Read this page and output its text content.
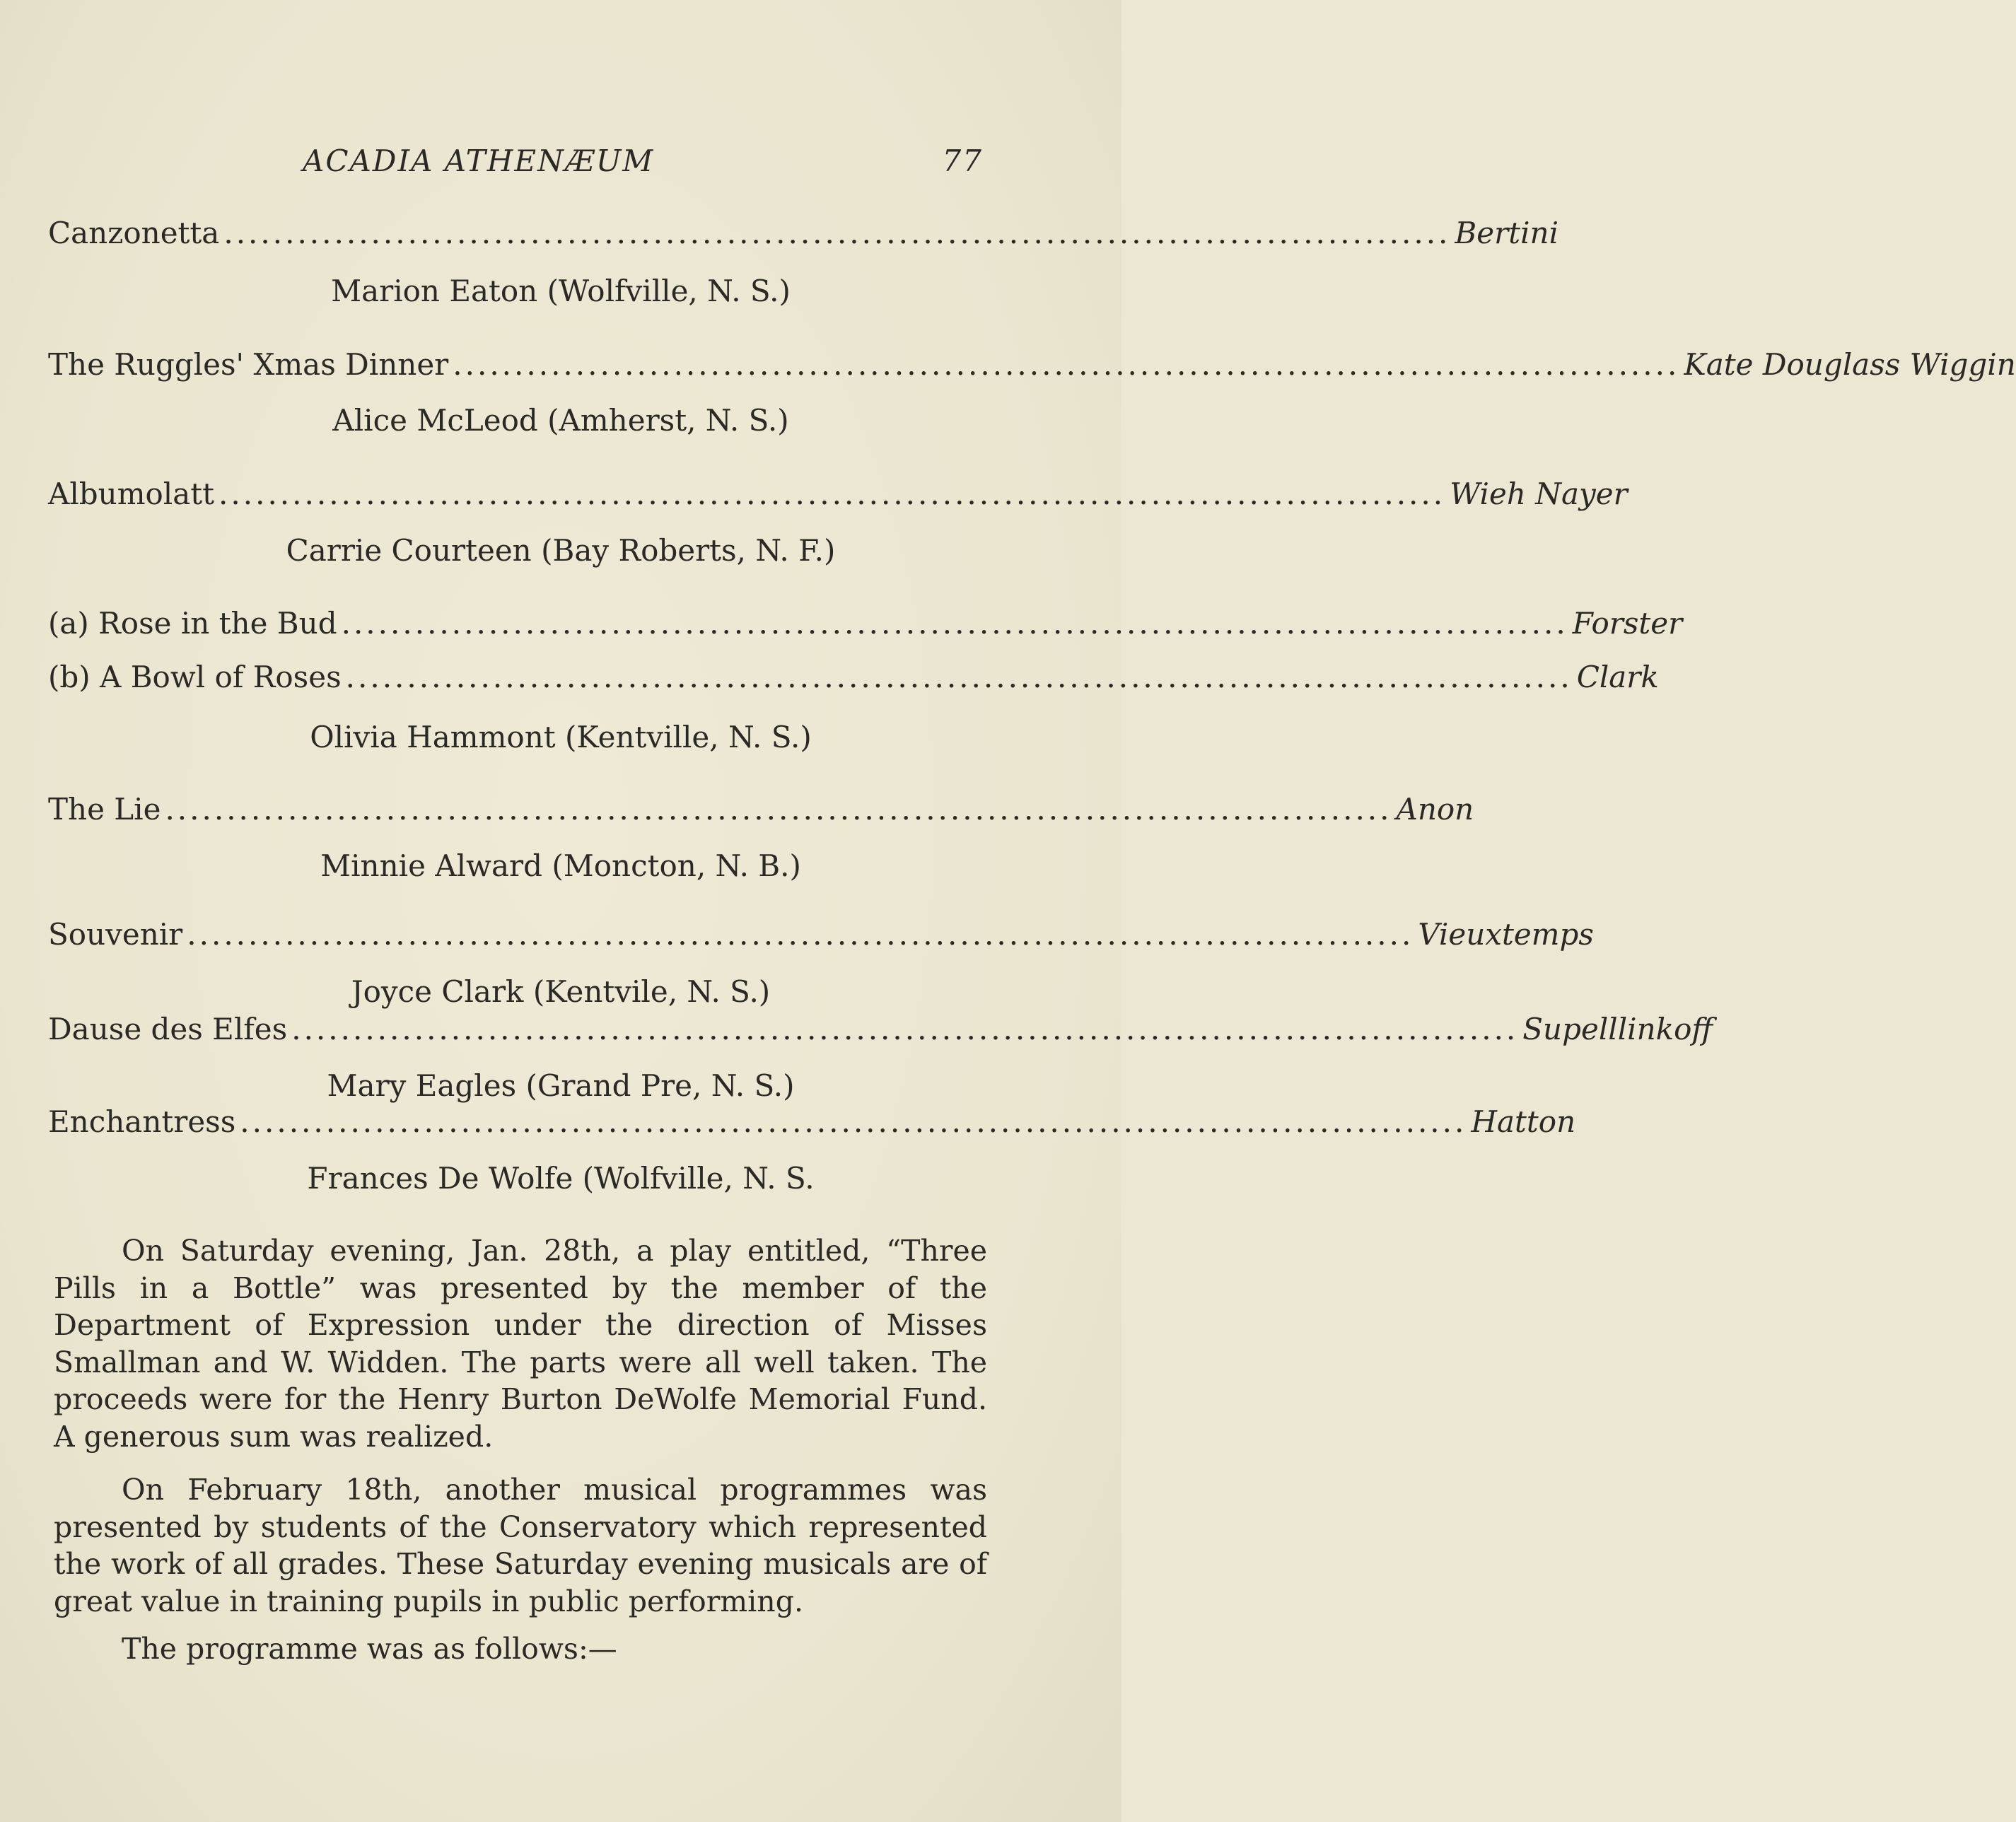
ACADIA ATHENÆUM	77
Canzonetta .................................................................................................... Bertini
Marion Eaton (Wolfville, N. S.)
The Ruggles' Xmas Dinner .................................................................................................... Kate Douglass Wiggin
Alice McLeod (Amherst, N. S.)
Albumolatt .................................................................................................... Wieh Nayer
Carrie Courteen (Bay Roberts, N. F.)
(a) Rose in the Bud .................................................................................................... Forster
(b) A Bowl of Roses .................................................................................................... Clark
Olivia Hammont (Kentville, N. S.)
The Lie .................................................................................................... Anon
Minnie Alward (Moncton, N. B.)
Souvenir .................................................................................................... Vieuxtemps
Joyce Clark (Kentvile, N. S.)
Dause des Elfes .................................................................................................... Supelllinkoff
Mary Eagles (Grand Pre, N. S.)
Enchantress .................................................................................................... Hatton
Frances De Wolfe (Wolfville, N. S.

On Saturday evening, Jan. 28th, a play entitled, “Three Pills in a Bottle” was presented by the member of the Department of Expression under the direction of Misses Smallman and W. Widden. The parts were all well taken. The proceeds were for the Henry Burton DeWolfe Memorial Fund. A generous sum was realized.

On February 18th, another musical programmes was presented by students of the Conservatory which represented the work of all grades. These Saturday evening musicals are of great value in training pupils in public performing.

The programme was as follows:—
